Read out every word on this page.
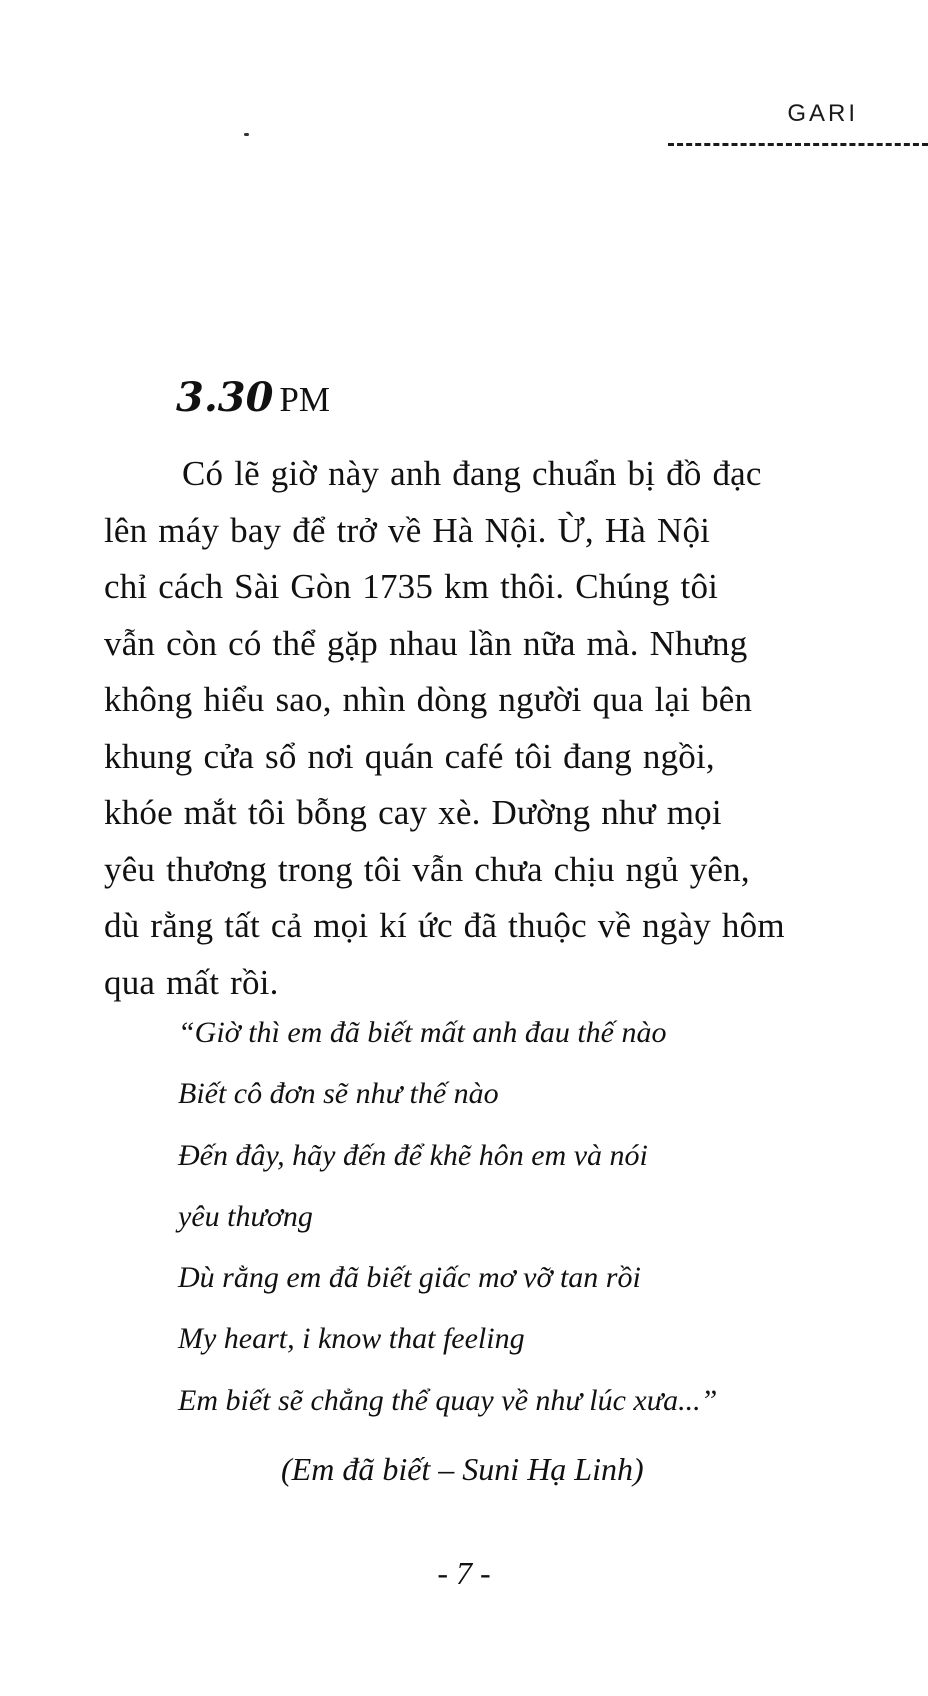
GARI
3.30 PM
Có lẽ giờ này anh đang chuẩn bị đồ đạc
lên máy bay để trở về Hà Nội. Ừ, Hà Nội
chỉ cách Sài Gòn 1735 km thôi. Chúng tôi
vẫn còn có thể gặp nhau lần nữa mà. Nhưng
không hiểu sao, nhìn dòng người qua lại bên
khung cửa sổ nơi quán café tôi đang ngồi,
khóe mắt tôi bỗng cay xè. Dường như mọi
yêu thương trong tôi vẫn chưa chịu ngủ yên,
dù rằng tất cả mọi kí ức đã thuộc về ngày hôm
qua mất rồi.
“Giờ thì em đã biết mất anh đau thế nào
Biết cô đơn sẽ như thế nào
Đến đây, hãy đến để khẽ hôn em và nói
yêu thương
Dù rằng em đã biết giấc mơ vỡ tan rồi
My heart, i know that feeling
Em biết sẽ chẳng thể quay về như lúc xưa...”
(Em đã biết – Suni Hạ Linh)
- 7 -
